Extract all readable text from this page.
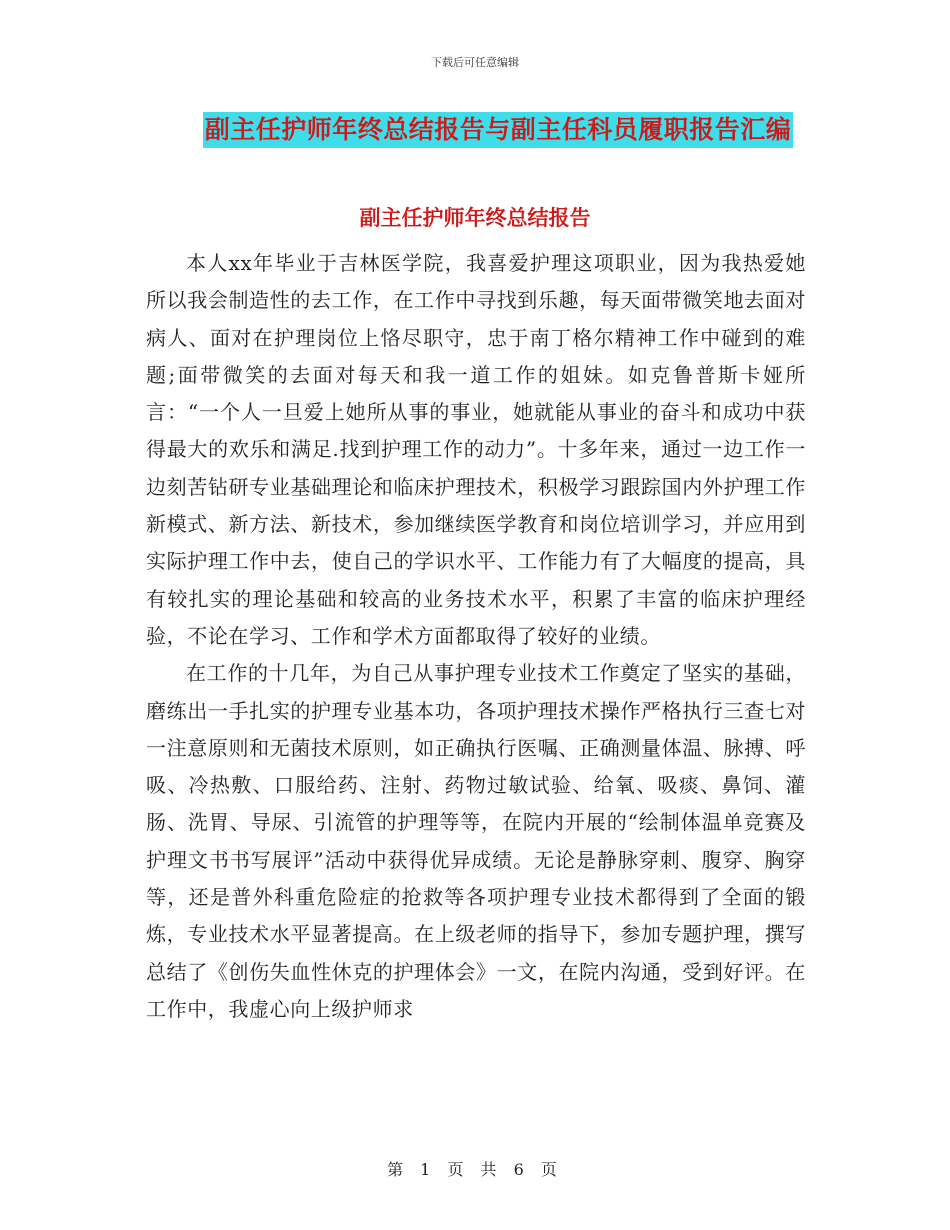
下载后可任意编辑
副主任护师年终总结报告与副主任科员履职报告汇编
副主任护师年终总结报告

本人xx年毕业于吉林医学院，我喜爱护理这项职业，因为我热爱她所以我会制造性的去工作，在工作中寻找到乐趣，每天面带微笑地去面对病人、面对在护理岗位上恪尽职守，忠于南丁格尔精神工作中碰到的难题;面带微笑的去面对每天和我一道工作的姐妹。如克鲁普斯卡娅所言：“一个人一旦爱上她所从事的事业，她就能从事业的奋斗和成功中获得最大的欢乐和满足.找到护理工作的动力”。十多年来，通过一边工作一边刻苦钻研专业基础理论和临床护理技术，积极学习跟踪国内外护理工作新模式、新方法、新技术，参加继续医学教育和岗位培训学习，并应用到实际护理工作中去，使自己的学识水平、工作能力有了大幅度的提高，具有较扎实的理论基础和较高的业务技术水平，积累了丰富的临床护理经验，不论在学习、工作和学术方面都取得了较好的业绩。

在工作的十几年，为自己从事护理专业技术工作奠定了坚实的基础，磨练出一手扎实的护理专业基本功，各项护理技术操作严格执行三查七对一注意原则和无菌技术原则，如正确执行医嘱、正确测量体温、脉搏、呼吸、冷热敷、口服给药、注射、药物过敏试验、给氧、吸痰、鼻饲、灌肠、洗胃、导尿、引流管的护理等等，在院内开展的“绘制体温单竞赛及护理文书书写展评”活动中获得优异成绩。无论是静脉穿刺、腹穿、胸穿等，还是普外科重危险症的抢救等各项护理专业技术都得到了全面的锻炼，专业技术水平显著提高。在上级老师的指导下，参加专题护理，撰写总结了《创伤失血性休克的护理体会》一文，在院内沟通，受到好评。在工作中，我虚心向上级护师求

第 1 页 共 6 页
